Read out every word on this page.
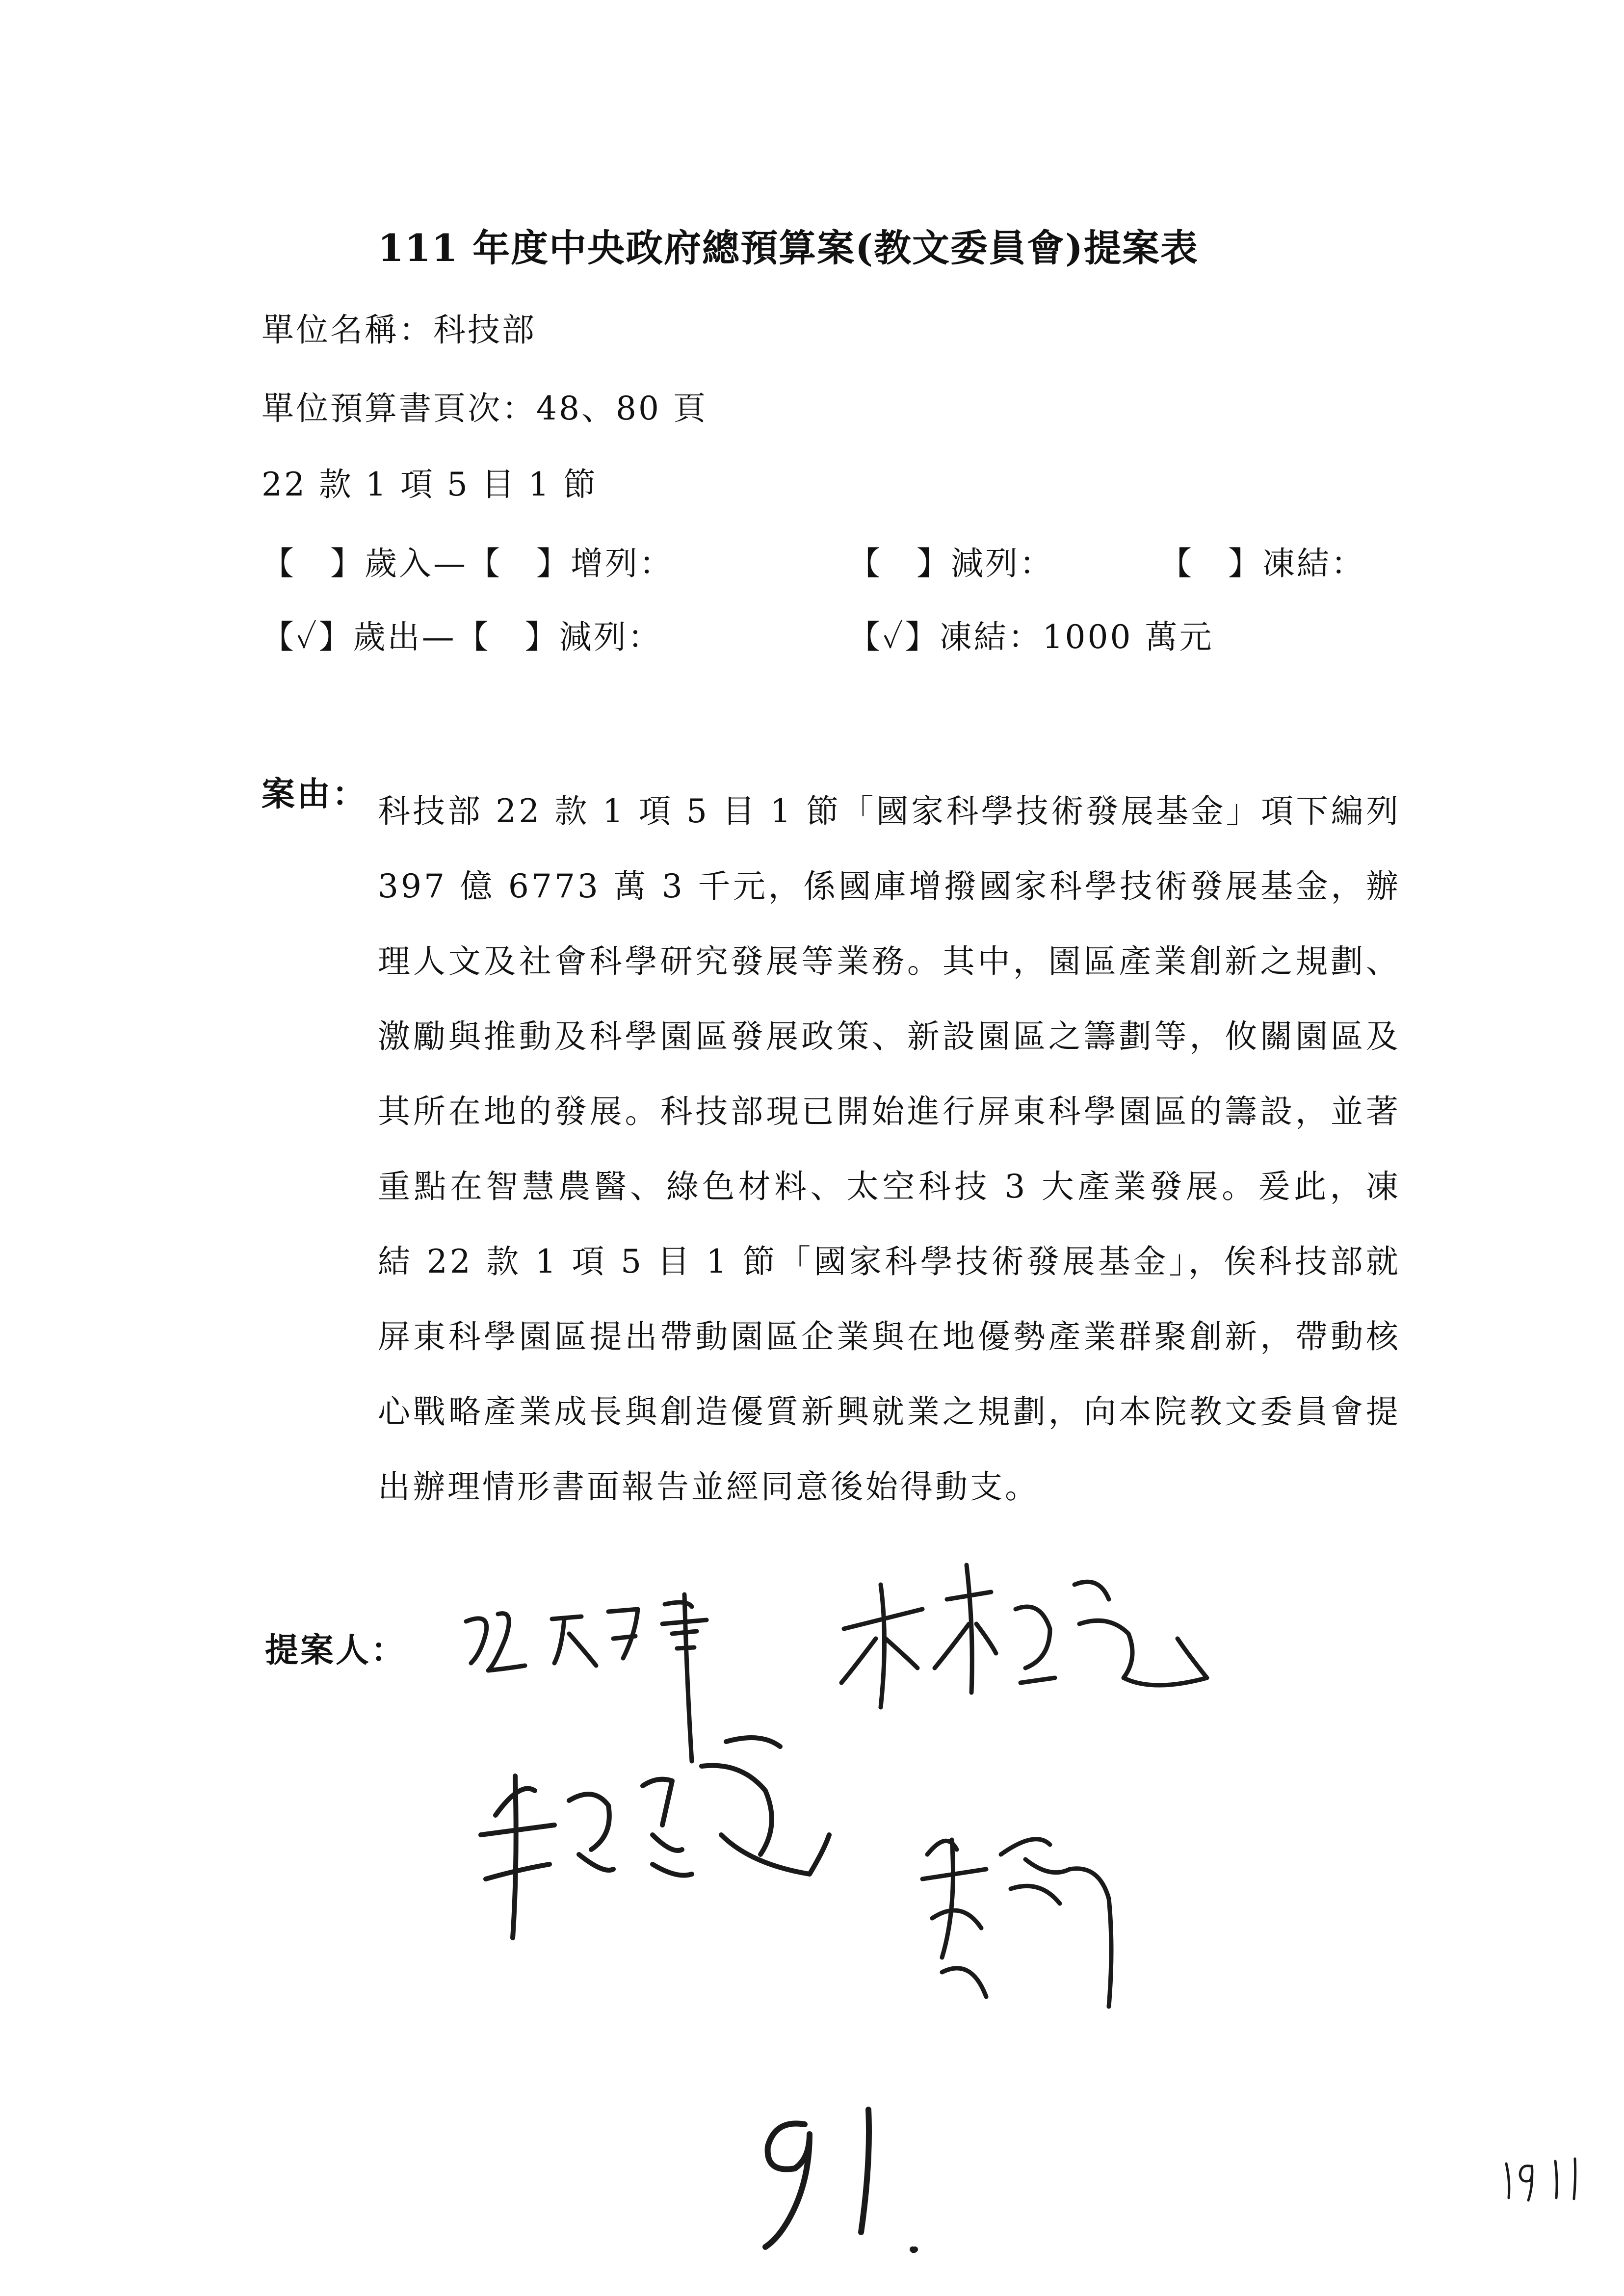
111 年度中央政府總預算案(教文委員會)提案表
單位名稱：科技部
單位預算書頁次：48、80 頁
22 款 1 項 5 目 1 節
【　】歲入—【　】增列：	【　】減列：	【　】凍結：
【✓】歲出—【　】減列：	【✓】凍結：1000 萬元
案由： 科技部 22 款 1 項 5 目 1 節「國家科學技術發展基金」項下編列 397 億 6773 萬 3 千元，係國庫增撥國家科學技術發展基金，辦理人文及社會科學研究發展等業務。其中，園區產業創新之規劃、激勵與推動及科學園區發展政策、新設園區之籌劃等，攸關園區及其所在地的發展。科技部現已開始進行屏東科學園區的籌設，並著重點在智慧農醫、綠色材料、太空科技 3 大產業發展。爰此，凍結 22 款 1 項 5 目 1 節「國家科學技術發展基金」，俟科技部就屏東科學園區提出帶動園區企業與在地優勢產業群聚創新，帶動核心戰略產業成長與創造優質新興就業之規劃，向本院教文委員會提出辦理情形書面報告並經同意後始得動支。
提案人：
